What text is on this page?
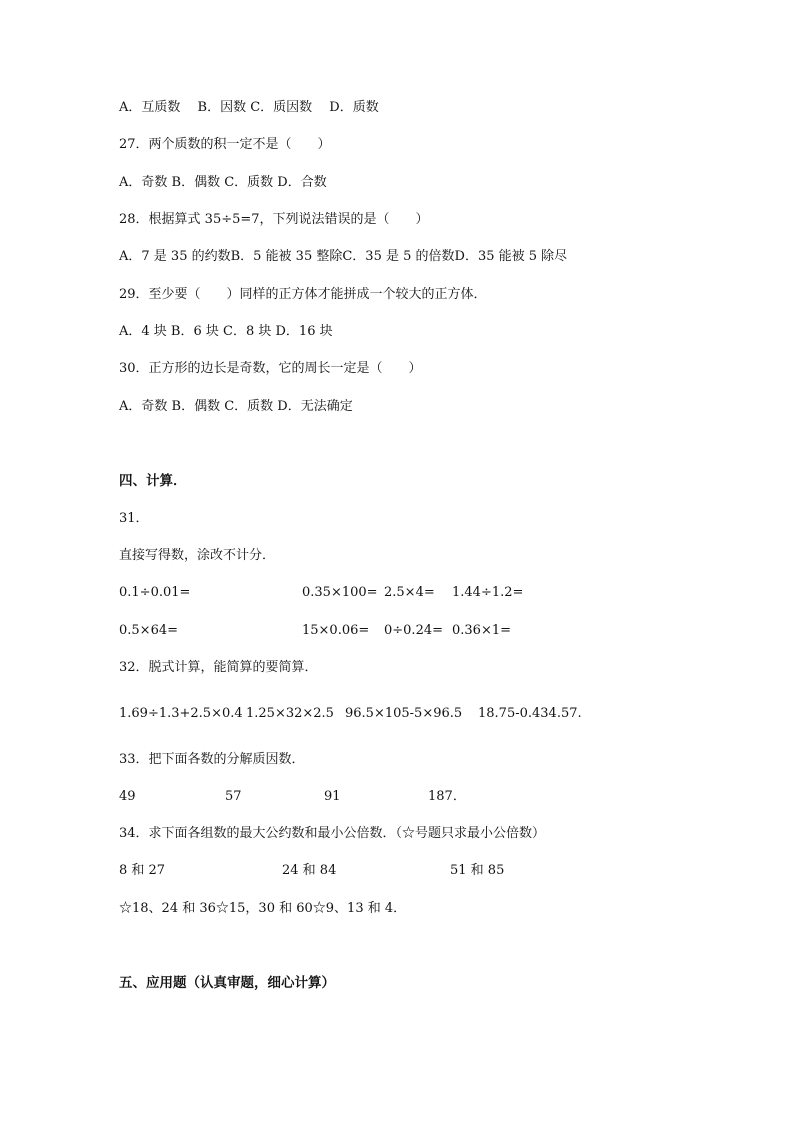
A．互质数　 B．因数 C．质因数　 D．质数
27．两个质数的积一定不是（　　）
A．奇数 B．偶数 C．质数 D．合数
28．根据算式 35÷5=7，下列说法错误的是（　　）
A．7 是 35 的约数B．5 能被 35 整除C．35 是 5 的倍数D．35 能被 5 除尽
29．至少要（　　）同样的正方体才能拼成一个较大的正方体．
A．4 块 B．6 块 C．8 块 D．16 块
30．正方形的边长是奇数，它的周长一定是（　　）
A．奇数 B．偶数 C．质数 D．无法确定
四、计算．
31．
直接写得数，涂改不计分．
0.1÷0.01=	0.35×100= 2.5×4= 1.44÷1.2=
0.5×64=	15×0.06= 0÷0.24= 0.36×1=
32．脱式计算，能简算的要简算．
1.69÷1.3+2.5×0.4 1.25×32×2.5 96.5×105-5×96.5 18.75-0.434.57.
33．把下面各数的分解质因数．
49	57	91	187．
34．求下面各组数的最大公约数和最小公倍数．（☆号题只求最小公倍数）
8 和 27	24 和 84	51 和 85
☆18、24 和 36☆15，30 和 60☆9、13 和 4．
五、应用题（认真审题，细心计算）
